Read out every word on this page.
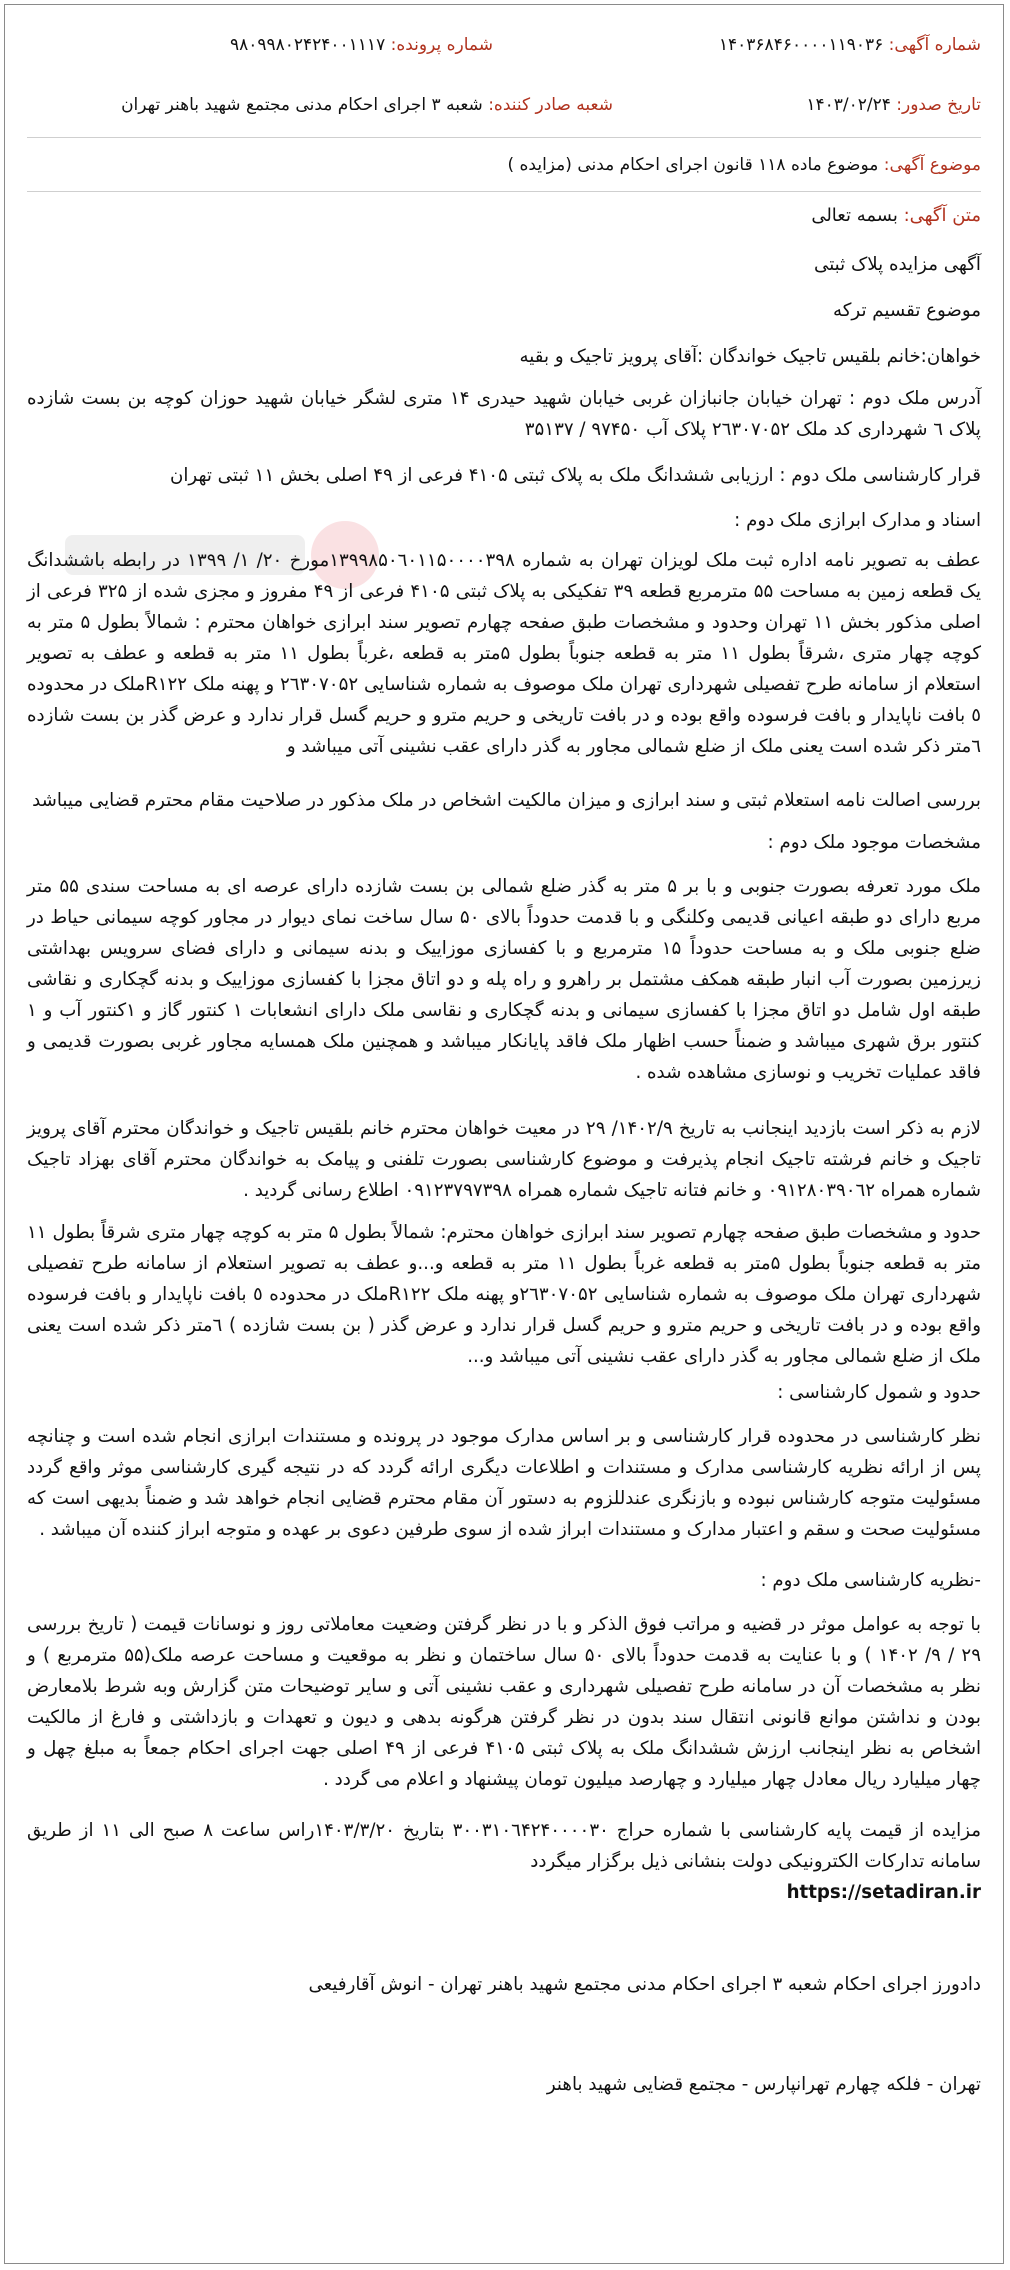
شماره آگهی: ۱۴۰۳۶۸۴۶۰۰۰۰۱۱۹۰۳۶
شماره پرونده: ۹۸۰۹۹۸۰۲۴۲۴۰۰۱۱۱۷
تاریخ صدور: ۱۴۰۳/۰۲/۲۴
شعبه صادر کننده: شعبه ۳ اجرای احکام مدنی مجتمع شهید باهنر تهران
موضوع آگهی: موضوع ماده ۱۱۸ قانون اجرای احکام مدنی (مزایده )
متن آگهی: بسمه تعالی
آگهی مزایده پلاک ثبتی
موضوع تقسیم ترکه
خواهان:خانم بلقیس تاجیک خواندگان :آقای پرویز تاجیک و بقیه

آدرس ملک دوم : تهران خیابان جانبازان غربی خیابان شهید حیدری ۱۴ متری لشگر خیابان شهید حوزان کوچه بن بست شازده پلاک ٦ شهرداری کد ملک ۲٦۳۰۷۰۵۲ پلاک آب ۹۷۴۵۰ / ۳۵۱۳۷

قرار کارشناسی ملک دوم : ارزیابی ششدانگ ملک به پلاک ثبتی ۴۱۰۵ فرعی از ۴۹ اصلی بخش ۱۱ ثبتی تهران
اسناد و مدارک ابرازی ملک دوم :

عطف به تصویر نامه اداره ثبت ملک لویزان تهران به شماره ۱۳۹۹۸۵۰٦۰۱۱۵۰۰۰۰۳۹۸مورخ ۲۰/ ۱/ ۱۳۹۹ در رابطه باششدانگ یک قطعه زمین به مساحت ۵۵ مترمربع قطعه ۳۹ تفکیکی به پلاک ثبتی ۴۱۰۵ فرعی از ۴۹ مفروز و مجزی شده از ۳۲۵ فرعی از اصلی مذکور بخش ۱۱ تهران وحدود و مشخصات طبق صفحه چهارم تصویر سند ابرازی خواهان محترم : شمالاً بطول ۵ متر به کوچه چهار متری ،شرقاً بطول ۱۱ متر به قطعه جنوباً بطول ۵متر به قطعه ،غرباً بطول ۱۱ متر به قطعه و عطف به تصویر استعلام از سامانه طرح تفصیلی شهرداری تهران ملک موصوف به شماره شناسایی ۲٦۳۰۷۰۵۲ و پهنه ملک R۱۲۲ملک در محدوده ٥ بافت ناپایدار و بافت فرسوده واقع بوده و در بافت تاریخی و حریم مترو و حریم گسل قرار ندارد و عرض گذر بن بست شازده ٦متر ذکر شده است یعنی ملک از ضلع شمالی مجاور به گذر دارای عقب نشینی آتی میباشد و

بررسی اصالت نامه استعلام ثبتی و سند ابرازی و میزان مالکیت اشخاص در ملک مذکور در صلاحیت مقام محترم قضایی میباشد
مشخصات موجود ملک دوم :

ملک مورد تعرفه بصورت جنوبی و با بر ۵ متر به گذر ضلع شمالی بن بست شازده دارای عرصه ای به مساحت سندی ۵۵ متر مربع دارای دو طبقه اعیانی قدیمی وکلنگی و با قدمت حدوداً بالای ۵۰ سال ساخت نمای دیوار در مجاور کوچه سیمانی حیاط در ضلع جنوبی ملک و به مساحت حدوداً ۱۵ مترمربع و با کفسازی موزاییک و بدنه سیمانی و دارای فضای سرویس بهداشتی زیرزمین بصورت آب انبار طبقه همکف مشتمل بر راهرو و راه پله و دو اتاق مجزا با کفسازی موزاییک و بدنه گچکاری و نقاشی طبقه اول شامل دو اتاق مجزا با کفسازی سیمانی و بدنه گچکاری و نقاسی ملک دارای انشعابات ۱ کنتور گاز و ۱کنتور آب و ۱ کنتور برق شهری میباشد و ضمناً حسب اظهار ملک فاقد پایانکار میباشد و همچنین ملک همسایه مجاور غربی بصورت قدیمی و فاقد عملیات تخریب و نوسازی مشاهده شده .

لازم به ذکر است بازدید اینجانب به تاریخ ۱۴۰۲/۹/ ۲۹ در معیت خواهان محترم خانم بلقیس تاجیک و خواندگان محترم آقای پرویز تاجیک و خانم فرشته تاجیک انجام پذیرفت و موضوع کارشناسی بصورت تلفنی و پیامک به خواندگان محترم آقای بهزاد تاجیک شماره همراه ۰۹۱۲۸۰۳۹۰٦۲ و خانم فتانه تاجیک شماره همراه ۰۹۱۲۳۷۹۷۳۹۸ اطلاع رسانی گردید .

حدود و مشخصات طبق صفحه چهارم تصویر سند ابرازی خواهان محترم: شمالاً بطول ۵ متر به کوچه چهار متری شرقاً بطول ۱۱ متر به قطعه جنوباً بطول ۵متر به قطعه غرباً بطول ۱۱ متر به قطعه و...و عطف به تصویر استعلام از سامانه طرح تفصیلی شهرداری تهران ملک موصوف به شماره شناسایی ۲٦۳۰۷۰۵۲و پهنه ملک R۱۲۲ملک در محدوده ٥ بافت ناپایدار و بافت فرسوده واقع بوده و در بافت تاریخی و حریم مترو و حریم گسل قرار ندارد و عرض گذر ( بن بست شازده ) ٦متر ذکر شده است یعنی ملک از ضلع شمالی مجاور به گذر دارای عقب نشینی آتی میباشد و...

حدود و شمول کارشناسی :

نظر کارشناسی در محدوده قرار کارشناسی و بر اساس مدارک موجود در پرونده و مستندات ابرازی انجام شده است و چنانچه پس از ارائه نظریه کارشناسی مدارک و مستندات و اطلاعات دیگری ارائه گردد که در نتیجه گیری کارشناسی موثر واقع گردد مسئولیت متوجه کارشناس نبوده و بازنگری عندللزوم به دستور آن مقام محترم قضایی انجام خواهد شد و ضمناً بدیهی است که مسئولیت صحت و سقم و اعتبار مدارک و مستندات ابراز شده از سوی طرفین دعوی بر عهده و متوجه ابراز کننده آن میباشد .

-نظریه کارشناسی ملک دوم :

با توجه به عوامل موثر در قضیه و مراتب فوق الذکر و با در نظر گرفتن وضعیت معاملاتی روز و نوسانات قیمت ( تاریخ بررسی ۲۹ / ۹/ ۱۴۰۲ ) و با عنایت به قدمت حدوداً بالای ۵۰ سال ساختمان و نظر به موقعیت و مساحت عرصه ملک(۵۵ مترمربع ) و نظر به مشخصات آن در سامانه طرح تفصیلی شهرداری و عقب نشینی آتی و سایر توضیحات متن گزارش وبه شرط بلامعارض بودن و نداشتن موانع قانونی انتقال سند بدون در نظر گرفتن هرگونه بدهی و دیون و تعهدات و بازداشتی و فارغ از مالکیت اشخاص به نظر اینجانب ارزش ششدانگ ملک به پلاک ثبتی ۴۱۰۵ فرعی از ۴۹ اصلی جهت اجرای احکام جمعاً به مبلغ چهل و چهار میلیارد ریال معادل چهار میلیارد و چهارصد میلیون تومان پیشنهاد و اعلام می گردد .

مزایده از قیمت پایه کارشناسی با شماره حراج ۳۰۰۳۱۰٦۴۲۴۰۰۰۰۳۰ بتاریخ ۱۴۰۳/۳/۲۰راس ساعت ۸ صبح الی ۱۱ از طریق سامانه تدارکات الکترونیکی دولت بنشانی ذیل برگزار میگردد

https://setadiran.ir
دادورز اجرای احکام شعبه ۳ اجرای احکام مدنی مجتمع شهید باهنر تهران - انوش آقارفیعی
تهران - فلکه چهارم تهرانپارس - مجتمع قضایی شهید باهنر
